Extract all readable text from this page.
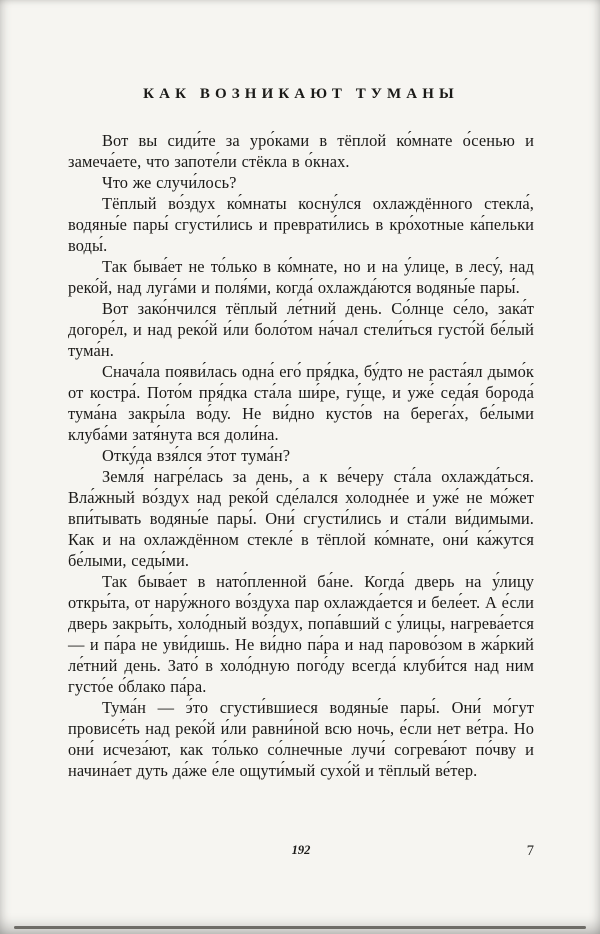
КАК ВОЗНИКАЮТ ТУМАНЫ

Вот вы сиди́те за уро́ками в тёплой ко́мнате о́сенью и замеча́ете, что запоте́ли стёкла в о́кнах.

Что же случи́лось?

Тёплый во́здух ко́мнаты косну́лся охлаждённого стекла́, водяны́е пары́ сгусти́лись и преврати́лись в кро́хотные ка́пельки воды́.

Так быва́ет не то́лько в ко́мнате, но и на у́лице, в лесу́, над реко́й, над луга́ми и поля́ми, когда́ охлажда́ются водяны́е пары́.

Вот зако́нчился тёплый ле́тний день. Со́лнце се́ло, зака́т догоре́л, и над реко́й и́ли боло́том на́чал стели́ться густо́й бе́лый тума́н.

Снача́ла появи́лась одна́ его́ пря́дка, бу́дто не раста́ял дымо́к от костра́. Пото́м пря́дка ста́ла ши́ре, гу́ще, и уже́ седа́я борода́ тума́на закры́ла во́ду. Не ви́дно кусто́в на берега́х, бе́лыми клуба́ми затя́нута вся доли́на.

Отку́да взя́лся э́тот тума́н?

Земля́ нагре́лась за день, а к ве́черу ста́ла охлажда́ться. Вла́жный во́здух над реко́й сде́лался холодне́е и уже́ не мо́жет впи́тывать водяны́е пары́. Они́ сгусти́лись и ста́ли ви́димыми. Как и на охлаждённом стекле́ в тёплой ко́мнате, они́ ка́жутся бе́лыми, седы́ми.

Так быва́ет в нато́пленной ба́не. Когда́ дверь на у́лицу откры́та, от нару́жного во́здуха пар охлажда́ется и беле́ет. А е́сли дверь закры́ть, холо́дный во́здух, попа́вший с у́лицы, нагрева́ется — и па́ра не уви́дишь. Не ви́дно па́ра и над парово́зом в жа́ркий ле́тний день. Зато́ в холо́дную пого́ду всегда́ клуби́тся над ним густо́е о́блако па́ра.

Тума́н — э́то сгусти́вшиеся водяны́е пары́. Они́ мо́гут провисе́ть над реко́й и́ли равни́ной всю ночь, е́сли нет ве́тра. Но они́ исчеза́ют, как то́лько со́лнечные лучи́ согрева́ют по́чву и начина́ет дуть да́же е́ле ощути́мый сухо́й и тёплый ве́тер.

192	7
